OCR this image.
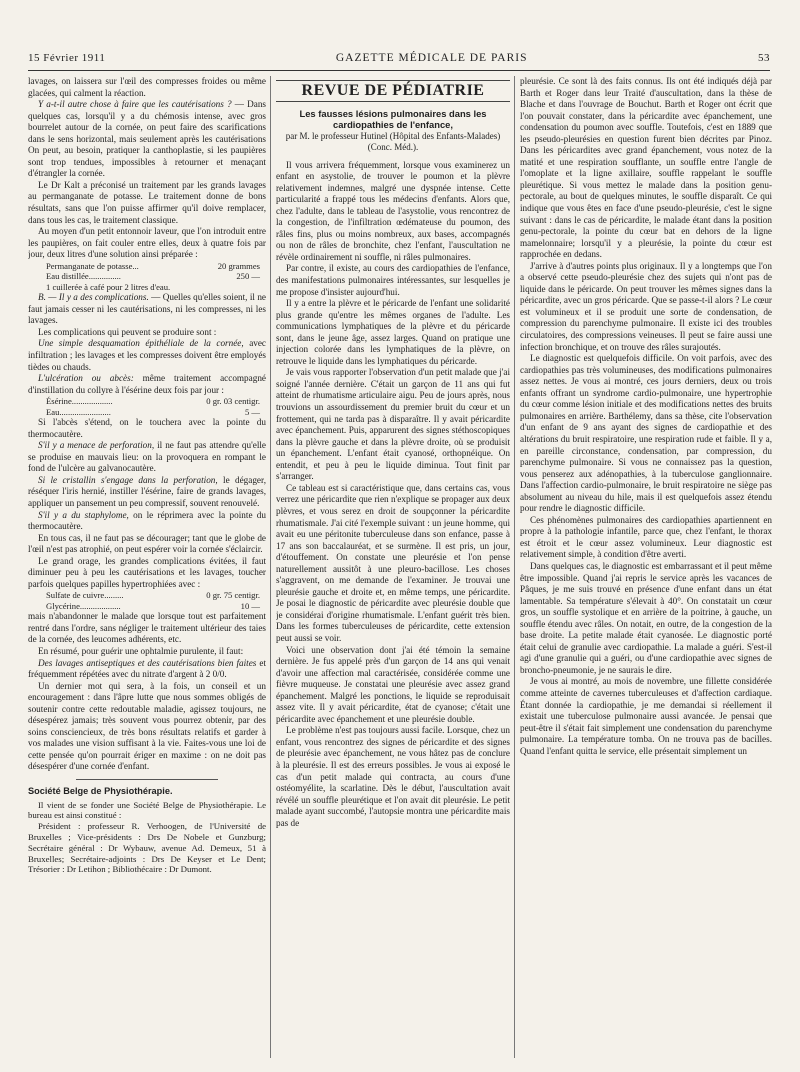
15 Février 1911	GAZETTE MÉDICALE DE PARIS	53

lavages, on laissera sur l'œil des compresses froides ou même glacées, qui calment la réaction.

Y a-t-il autre chose à faire que les cautérisations ? — Dans quelques cas, lorsqu'il y a du chémosis intense, avec gros bourrelet autour de la cornée, on peut faire des scarifications dans le sens horizontal, mais seulement après les cautérisations On peut, au besoin, pratiquer la canthoplastie, si les paupières sont trop tendues, impossibles à retourner et menaçant d'étrangler la cornée.

Le Dr Kalt a préconisé un traitement par les grands lavages au permanganate de potasse. Le traitement donne de bons résultats, sans que l'on puisse affirmer qu'il doive remplacer, dans tous les cas, le traitement classique.

Au moyen d'un petit entonnoir laveur, que l'on introduit entre les paupières, on fait couler entre elles, deux à quatre fois par jour, deux litres d'une solution ainsi préparée :

Permanganate de potasse...	20 grammes
Eau distillée...............	250 —
1 cuillerée à café pour 2 litres d'eau.

B. — Il y a des complications. — Quelles qu'elles soient, il ne faut jamais cesser ni les cautérisations, ni les compresses, ni les lavages.

Les complications qui peuvent se produire sont :

Une simple desquamation épithéliale de la cornée, avec infiltration ; les lavages et les compresses doivent être employés tièdes ou chauds.

L'ulcération ou abcès: même traitement accompagné d'instillation du collyre à l'ésérine deux fois par jour :

Ésérine...................	0 gr. 03 centigr.
Eau........................	5 —

Si l'abcès s'étend, on le touchera avec la pointe du thermocautère.

S'il y a menace de perforation, il ne faut pas attendre qu'elle se produise en mauvais lieu: on la provoquera en rompant le fond de l'ulcère au galvanocautère.

Si le cristallin s'engage dans la perforation, le dégager, réséquer l'iris hernié, instiller l'ésérine, faire de grands lavages, appliquer un pansement un peu compressif, souvent renouvelé.

S'il y a du staphylome, on le réprimera avec la pointe du thermocautère.

En tous cas, il ne faut pas se décourager; tant que le globe de l'œil n'est pas atrophié, on peut espérer voir la cornée s'éclaircir.

Le grand orage, les grandes complications évitées, il faut diminuer peu à peu les cautérisations et les lavages, toucher parfois quelques papilles hypertrophiées avec :

Sulfate de cuivre.........	0 gr. 75 centigr.
Glycérine...................	10 —

mais n'abandonner le malade que lorsque tout est parfaitement rentré dans l'ordre, sans négliger le traitement ultérieur des taies de la cornée, des leucomes adhérents, etc.

En résumé, pour guérir une ophtalmie purulente, il faut:

Des lavages antiseptiques et des cautérisations bien faites et fréquemment répétées avec du nitrate d'argent à 2 0/0.

Un dernier mot qui sera, à la fois, un conseil et un encouragement : dans l'âpre lutte que nous sommes obligés de soutenir contre cette redoutable maladie, agissez toujours, ne désespérez jamais; très souvent vous pourrez obtenir, par des soins consciencieux, de très bons résultats relatifs et garder à vos malades une vision suffisant à la vie. Faites-vous une loi de cette pensée qu'on pourrait ériger en maxime : on ne doit pas désespérer d'une cornée d'enfant.

Société Belge de Physiothérapie.

Il vient de se fonder une Société Belge de Physiothérapie. Le bureau est ainsi constitué :

Président : professeur R. Verhoogen, de l'Université de Bruxelles ; Vice-présidents : Drs De Nobele et Gunzburg; Secrétaire général : Dr Wybauw, avenue Ad. Demeux, 51 à Bruxelles; Secrétaire-adjoints : Drs De Keyser et Le Dent; Trésorier : Dr Letihon ; Bibliothécaire : Dr Dumont.

REVUE DE PÉDIATRIE
Les fausses lésions pulmonaires dans les cardiopathies de l'enfance,
par M. le professeur Hutinel (Hôpital des Enfants-Malades) (Conc. Méd.).

Il vous arrivera fréquemment, lorsque vous examinerez un enfant en asystolie, de trouver le poumon et la plèvre relativement indemnes, malgré une dyspnée intense. Cette particularité a frappé tous les médecins d'enfants. Alors que, chez l'adulte, dans le tableau de l'asystolie, vous rencontrez de la congestion, de l'infiltration œdémateuse du poumon, des râles fins, plus ou moins nombreux, aux bases, accompagnés ou non de râles de bronchite, chez l'enfant, l'auscultation ne révèle ordinairement ni souffle, ni râles pulmonaires.

Par contre, il existe, au cours des cardiopathies de l'enfance, des manifestations pulmonaires intéressantes, sur lesquelles je me propose d'insister aujourd'hui.

Il y a entre la plèvre et le péricarde de l'enfant une solidarité plus grande qu'entre les mêmes organes de l'adulte. Les communications lymphatiques de la plèvre et du péricarde sont, dans le jeune âge, assez larges. Quand on pratique une injection colorée dans les lymphatiques de la plèvre, on retrouve le liquide dans les lymphatiques du péricarde.

Je vais vous rapporter l'observation d'un petit malade que j'ai soigné l'année dernière. C'était un garçon de 11 ans qui fut atteint de rhumatisme articulaire aigu. Peu de jours après, nous trouvions un assourdissement du premier bruit du cœur et un frottement, qui ne tarda pas à disparaître. Il y avait péricardite avec épanchement. Puis, apparurent des signes stéthoscopiques dans la plèvre gauche et dans la plèvre droite, où se produisit un épanchement. L'enfant était cyanosé, orthopnéique. On entendit, et peu à peu le liquide diminua. Tout finit par s'arranger.

Ce tableau est si caractéristique que, dans certains cas, vous verrez une péricardite que rien n'explique se propager aux deux plèvres, et vous serez en droit de soupçonner la péricardite rhumatismale. J'ai cité l'exemple suivant : un jeune homme, qui avait eu une péritonite tuberculeuse dans son enfance, passe à 17 ans son baccalauréat, et se surmène. Il est pris, un jour, d'étouffement. On constate une pleurésie et l'on pense naturellement aussitôt à une pleuro-bacillose. Les choses s'aggravent, on me demande de l'examiner. Je trouvai une pleurésie gauche et droite et, en même temps, une péricardite. Je posai le diagnostic de péricardite avec pleurésie double que je considérai d'origine rhumatismale. L'enfant guérit très bien. Dans les formes tuberculeuses de péricardite, cette extension peut aussi se voir.

Voici une observation dont j'ai été témoin la semaine dernière. Je fus appelé près d'un garçon de 14 ans qui venait d'avoir une affection mal caractérisée, considérée comme une fièvre muqueuse. Je constatai une pleurésie avec assez grand épanchement. Malgré les ponctions, le liquide se reproduisait assez vite. Il y avait péricardite, état de cyanose; c'était une péricardite avec épanchement et une pleurésie double.

Le problème n'est pas toujours aussi facile. Lorsque, chez un enfant, vous rencontrez des signes de péricardite et des signes de pleurésie avec épanchement, ne vous hâtez pas de conclure à la pleurésie. Il est des erreurs possibles. Je vous ai exposé le cas d'un petit malade qui contracta, au cours d'une ostéomyélite, la scarlatine. Dès le début, l'auscultation avait révélé un souffle pleurétique et l'on avait dit pleurésie. Le petit malade ayant succombé, l'autopsie montra une péricardite mais pas de

pleurésie. Ce sont là des faits connus. Ils ont été indiqués déjà par Barth et Roger dans leur Traité d'auscultation, dans la thèse de Blache et dans l'ouvrage de Bouchut. Barth et Roger ont écrit que l'on pouvait constater, dans la péricardite avec épanchement, une condensation du poumon avec souffle. Toutefois, c'est en 1889 que les pseudo-pleurésies en question furent bien décrites par Pinoz. Dans les péricardites avec grand épanchement, vous notez de la matité et une respiration soufflante, un souffle entre l'angle de l'omoplate et la ligne axillaire, souffle rappelant le souffle pleurétique. Si vous mettez le malade dans la position genu-pectorale, au bout de quelques minutes, le souffle disparaît. Ce qui indique que vous êtes en face d'une pseudo-pleurésie, c'est le signe suivant : dans le cas de péricardite, le malade étant dans la position genu-pectorale, la pointe du cœur bat en dehors de la ligne mamelonnaire; lorsqu'il y a pleurésie, la pointe du cœur est rapprochée en dedans.

J'arrive à d'autres points plus originaux. Il y a longtemps que l'on a observé cette pseudo-pleurésie chez des sujets qui n'ont pas de liquide dans le péricarde. On peut trouver les mêmes signes dans la péricardite, avec un gros péricarde. Que se passe-t-il alors ? Le cœur est volumineux et il se produit une sorte de condensation, de compression du parenchyme pulmonaire. Il existe ici des troubles circulatoires, des compressions veineuses. Il peut se faire aussi une infection bronchique, et on trouve des râles surajoutés.

Le diagnostic est quelquefois difficile. On voit parfois, avec des cardiopathies pas très volumineuses, des modifications pulmonaires assez nettes. Je vous ai montré, ces jours derniers, deux ou trois enfants offrant un syndrome cardio-pulmonaire, une hypertrophie du cœur comme lésion initiale et des modifications nettes des bruits pulmonaires en arrière. Barthélemy, dans sa thèse, cite l'observation d'un enfant de 9 ans ayant des signes de cardiopathie et des altérations du bruit respiratoire, une respiration rude et faible. Il y a, en pareille circonstance, condensation, par compression, du parenchyme pulmonaire. Si vous ne connaissez pas la question, vous penserez aux adénopathies, à la tuberculose ganglionnaire. Dans l'affection cardio-pulmonaire, le bruit respiratoire ne siège pas absolument au niveau du hile, mais il est quelquefois assez étendu pour rendre le diagnostic difficile.

Ces phénomènes pulmonaires des cardiopathies apartiennent en propre à la pathologie infantile, parce que, chez l'enfant, le thorax est étroit et le cœur assez volumineux. Leur diagnostic est relativement simple, à condition d'être averti.

Dans quelques cas, le diagnostic est embarrassant et il peut même être impossible. Quand j'ai repris le service après les vacances de Pâques, je me suis trouvé en présence d'une enfant dans un état lamentable. Sa température s'élevait à 40°. On constatait un cœur gros, un souffle systolique et en arrière de la poitrine, à gauche, un souffle étendu avec râles. On notait, en outre, de la congestion de la base droite. La petite malade était cyanosée. Le diagnostic porté était celui de granulie avec cardiopathie. La malade a guéri. S'est-il agi d'une granulie qui a guéri, ou d'une cardiopathie avec signes de broncho-pneumonie, je ne saurais le dire.

Je vous ai montré, au mois de novembre, une fillette considérée comme atteinte de cavernes tuberculeuses et d'affection cardiaque. Étant donnée la cardiopathie, je me demandai si réellement il existait une tuberculose pulmonaire aussi avancée. Je pensai que peut-être il s'était fait simplement une condensation du parenchyme pulmonaire. La température tomba. On ne trouva pas de bacilles. Quand l'enfant quitta le service, elle présentait simplement un
